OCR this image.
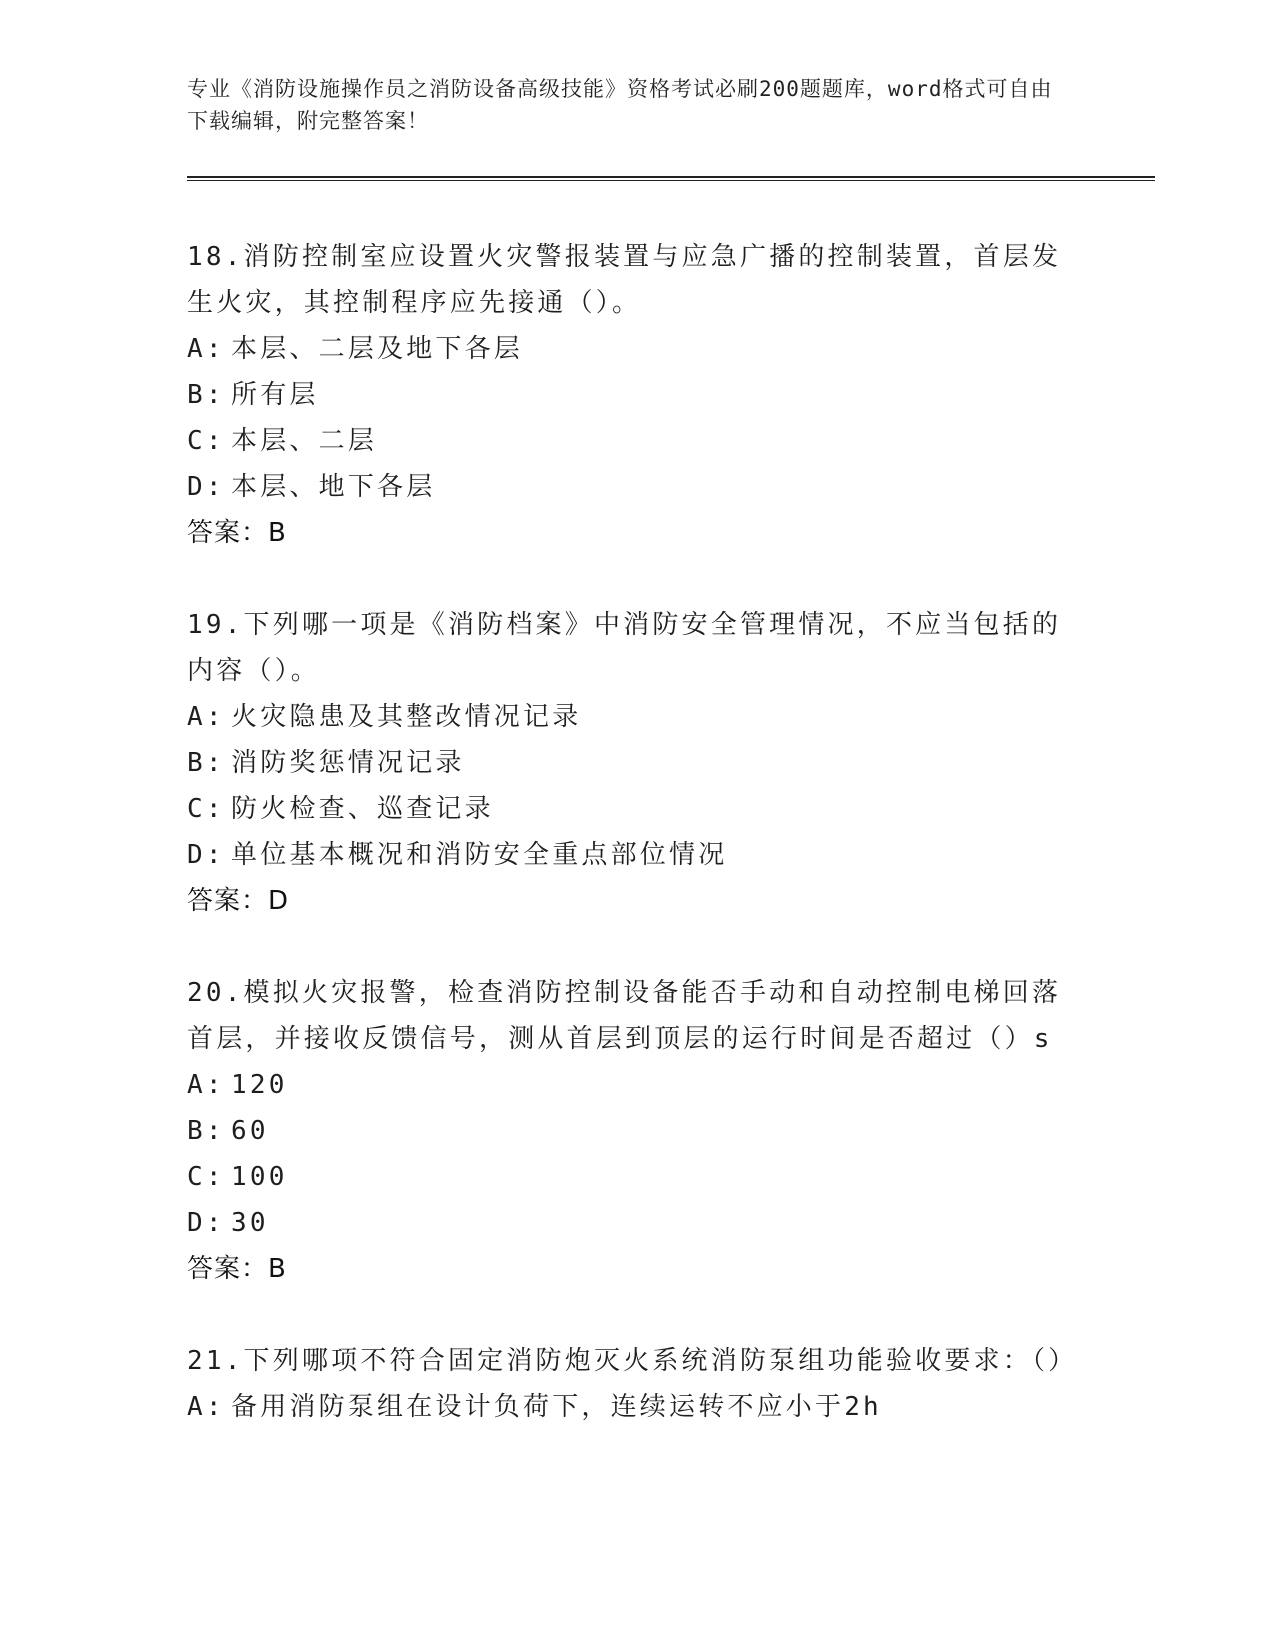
专业《消防设施操作员之消防设备高级技能》资格考试必刷200题题库，word格式可自由下载编辑，附完整答案！
18.消防控制室应设置火灾警报装置与应急广播的控制装置，首层发生火灾，其控制程序应先接通（）。
A: 本层、二层及地下各层
B: 所有层
C: 本层、二层
D: 本层、地下各层
答案：B
19.下列哪一项是《消防档案》中消防安全管理情况，不应当包括的内容（）。
A: 火灾隐患及其整改情况记录
B: 消防奖惩情况记录
C: 防火检查、巡查记录
D: 单位基本概况和消防安全重点部位情况
答案：D
20.模拟火灾报警，检查消防控制设备能否手动和自动控制电梯回落首层，并接收反馈信号，测从首层到顶层的运行时间是否超过（）s
A: 120
B: 60
C: 100
D: 30
答案：B
21.下列哪项不符合固定消防炮灭火系统消防泵组功能验收要求：（）
A: 备用消防泵组在设计负荷下，连续运转不应小于2h
